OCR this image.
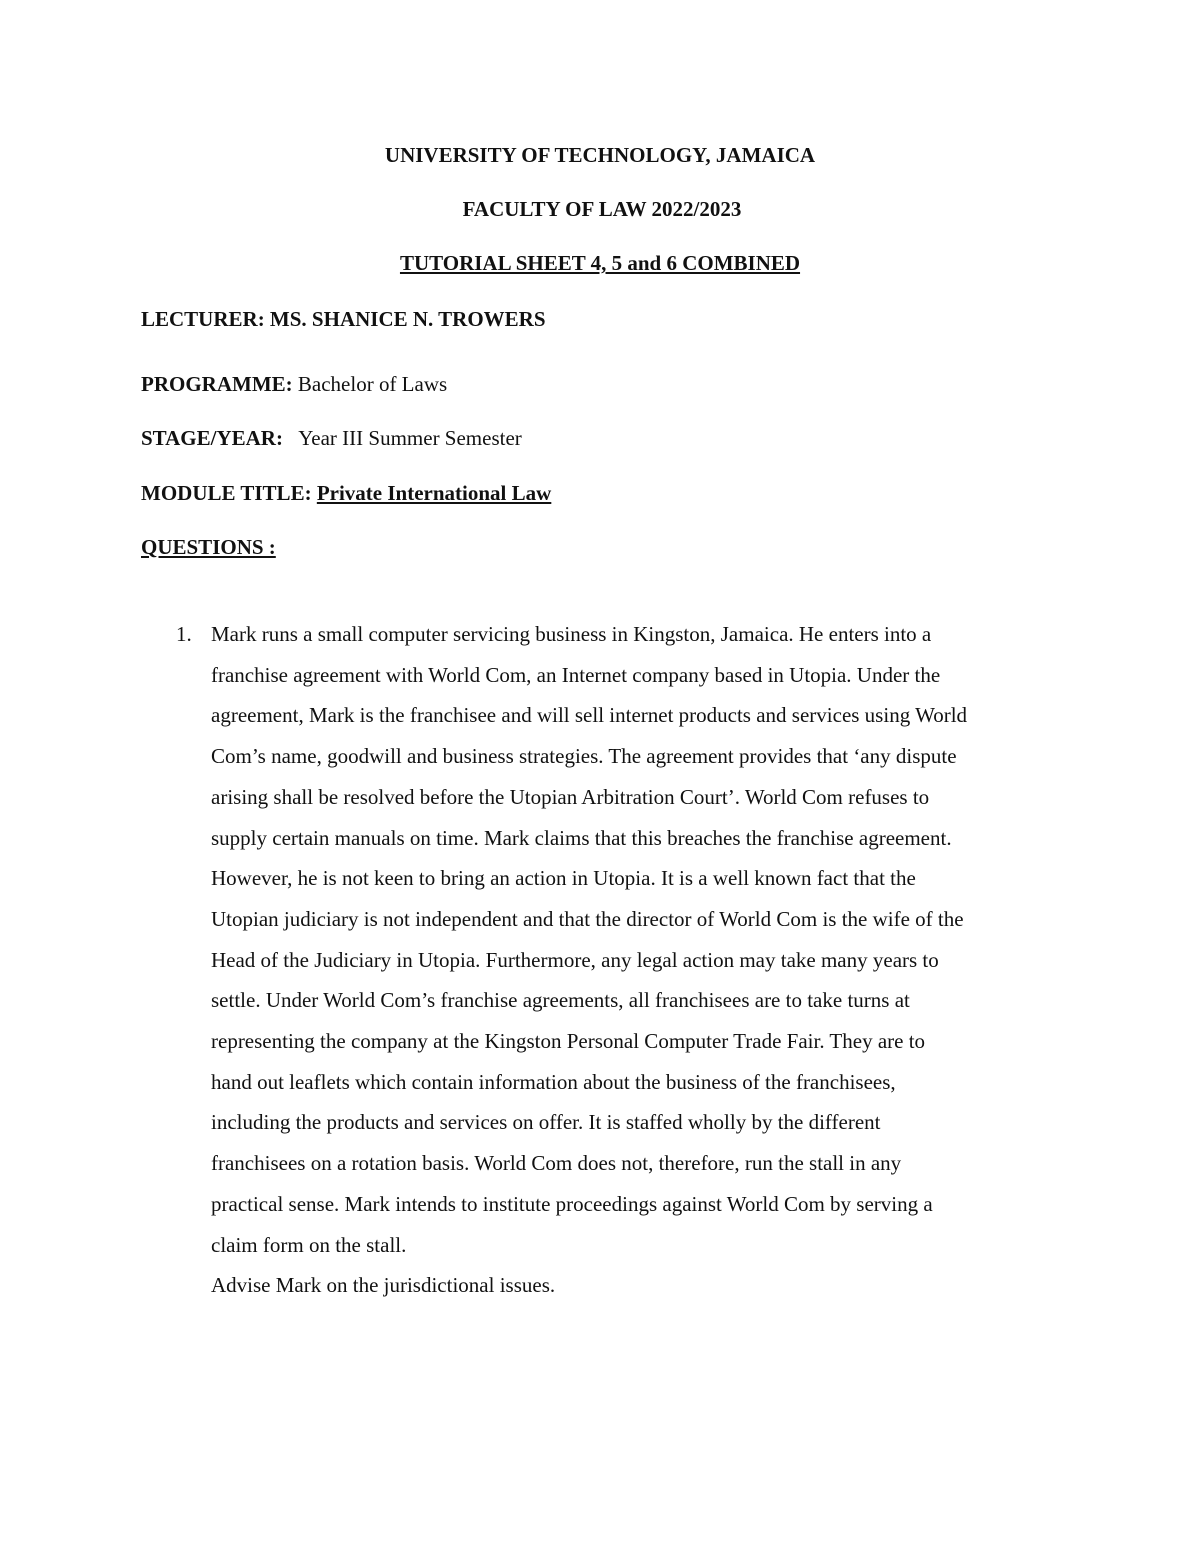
UNIVERSITY OF TECHNOLOGY, JAMAICA
FACULTY OF LAW 2022/2023
TUTORIAL SHEET 4, 5 and 6 COMBINED
LECTURER: MS. SHANICE N. TROWERS
PROGRAMME: Bachelor of Laws
STAGE/YEAR: Year III Summer Semester
MODULE TITLE: Private International Law
QUESTIONS :
1. Mark runs a small computer servicing business in Kingston, Jamaica. He enters into a
franchise agreement with World Com, an Internet company based in Utopia. Under the
agreement, Mark is the franchisee and will sell internet products and services using World
Com’s name, goodwill and business strategies. The agreement provides that ‘any dispute
arising shall be resolved before the Utopian Arbitration Court’. World Com refuses to
supply certain manuals on time. Mark claims that this breaches the franchise agreement.
However, he is not keen to bring an action in Utopia. It is a well known fact that the
Utopian judiciary is not independent and that the director of World Com is the wife of the
Head of the Judiciary in Utopia. Furthermore, any legal action may take many years to
settle. Under World Com’s franchise agreements, all franchisees are to take turns at
representing the company at the Kingston Personal Computer Trade Fair. They are to
hand out leaflets which contain information about the business of the franchisees,
including the products and services on offer. It is staffed wholly by the different
franchisees on a rotation basis. World Com does not, therefore, run the stall in any
practical sense. Mark intends to institute proceedings against World Com by serving a
claim form on the stall.
Advise Mark on the jurisdictional issues.
